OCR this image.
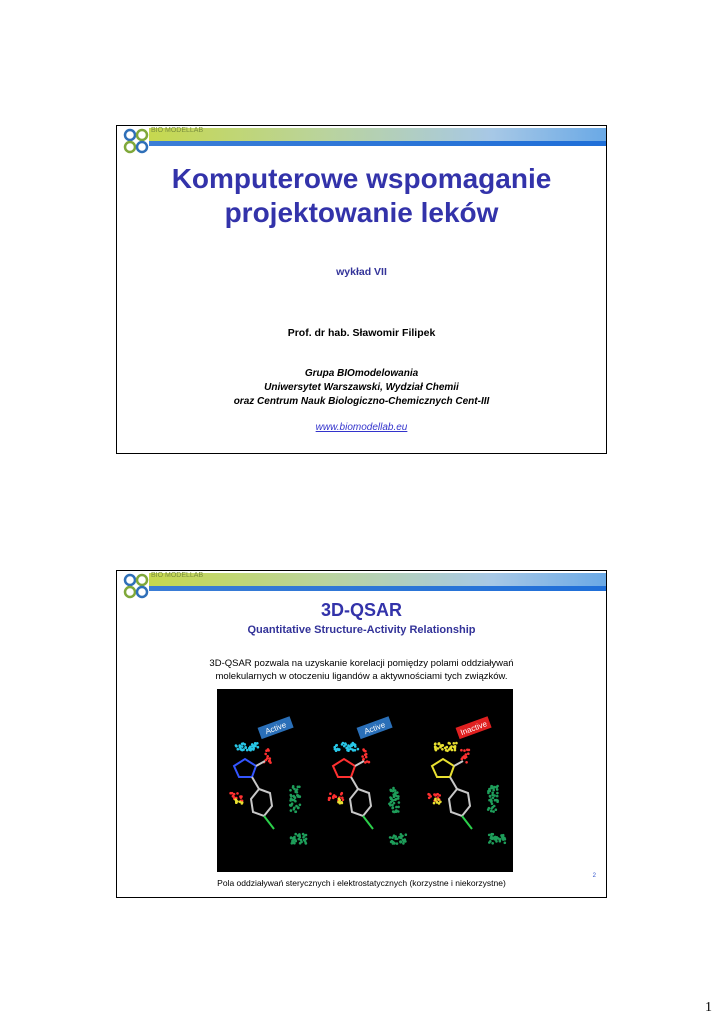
BIO MODELLAB
Komputerowe wspomaganie
projektowanie leków
wykład VII
Prof. dr hab. Sławomir Filipek
Grupa BIOmodelowania
Uniwersytet Warszawski, Wydział Chemii
oraz Centrum Nauk Biologiczno-Chemicznych Cent-III
www.biomodellab.eu
BIO MODELLAB
3D-QSAR
Quantitative Structure-Activity Relationship
3D-QSAR pozwala na uzyskanie korelacji pomiędzy polami oddziaływań
molekularnych w otoczeniu ligandów a aktywnościami tych związków.
Active	Active	Inactive
2
Pola oddziaływań sterycznych i elektrostatycznych (korzystne i niekorzystne)
1
